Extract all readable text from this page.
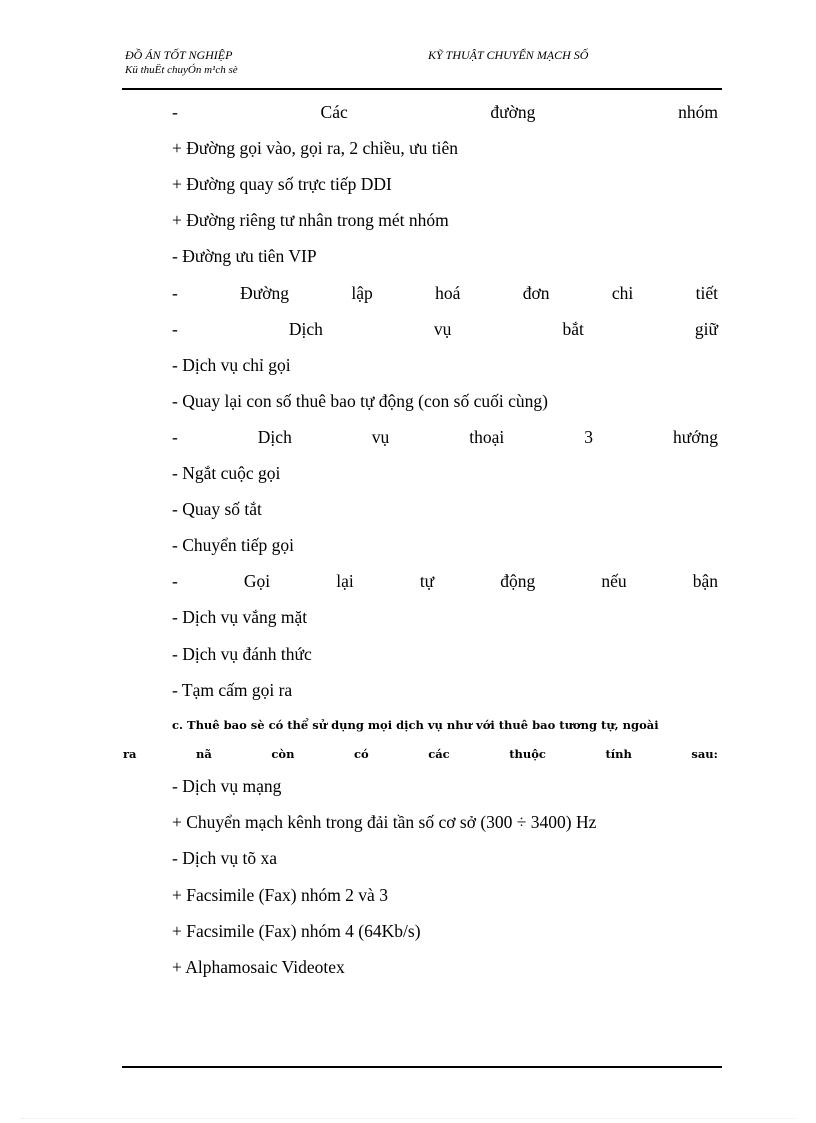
ĐỒ ÁN TỐT NGHIỆP
Kü thuËt chuyÓn m¹ch sè
KỸ THUẬT CHUYỂN MẠCH SỐ
-	Các	đường	nhóm
+ Đường gọi vào, gọi ra, 2 chiều, ưu tiên
+ Đường quay số trực tiếp DDI
+ Đường riêng tư nhân trong mét nhóm
- Đường ưu tiên VIP
-	Đường	lập	hoá	đơn	chi	tiết
-	Dịch	vụ	bắt	giữ
- Dịch vụ chỉ gọi
- Quay lại con số thuê bao tự động (con số cuối cùng)
-	Dịch	vụ	thoại	3	hướng
- Ngắt cuộc gọi
- Quay số tắt
- Chuyển tiếp gọi
-	Gọi	lại	tự	động	nếu	bận
- Dịch vụ vắng mặt
- Dịch vụ đánh thức
- Tạm cấm gọi ra
c. Thuê bao sè có thể sử dụng mọi dịch vụ như với thuê bao tương tự, ngoài
ra	nã	còn	có	các	thuộc	tính	sau:
- Dịch vụ mạng
+ Chuyển mạch kênh trong đải tần số cơ sở (300 ÷ 3400) Hz
- Dịch vụ tõ xa
+ Facsimile (Fax) nhóm 2 và 3
+ Facsimile (Fax) nhóm 4 (64Kb/s)
+ Alphamosaic Videotex
